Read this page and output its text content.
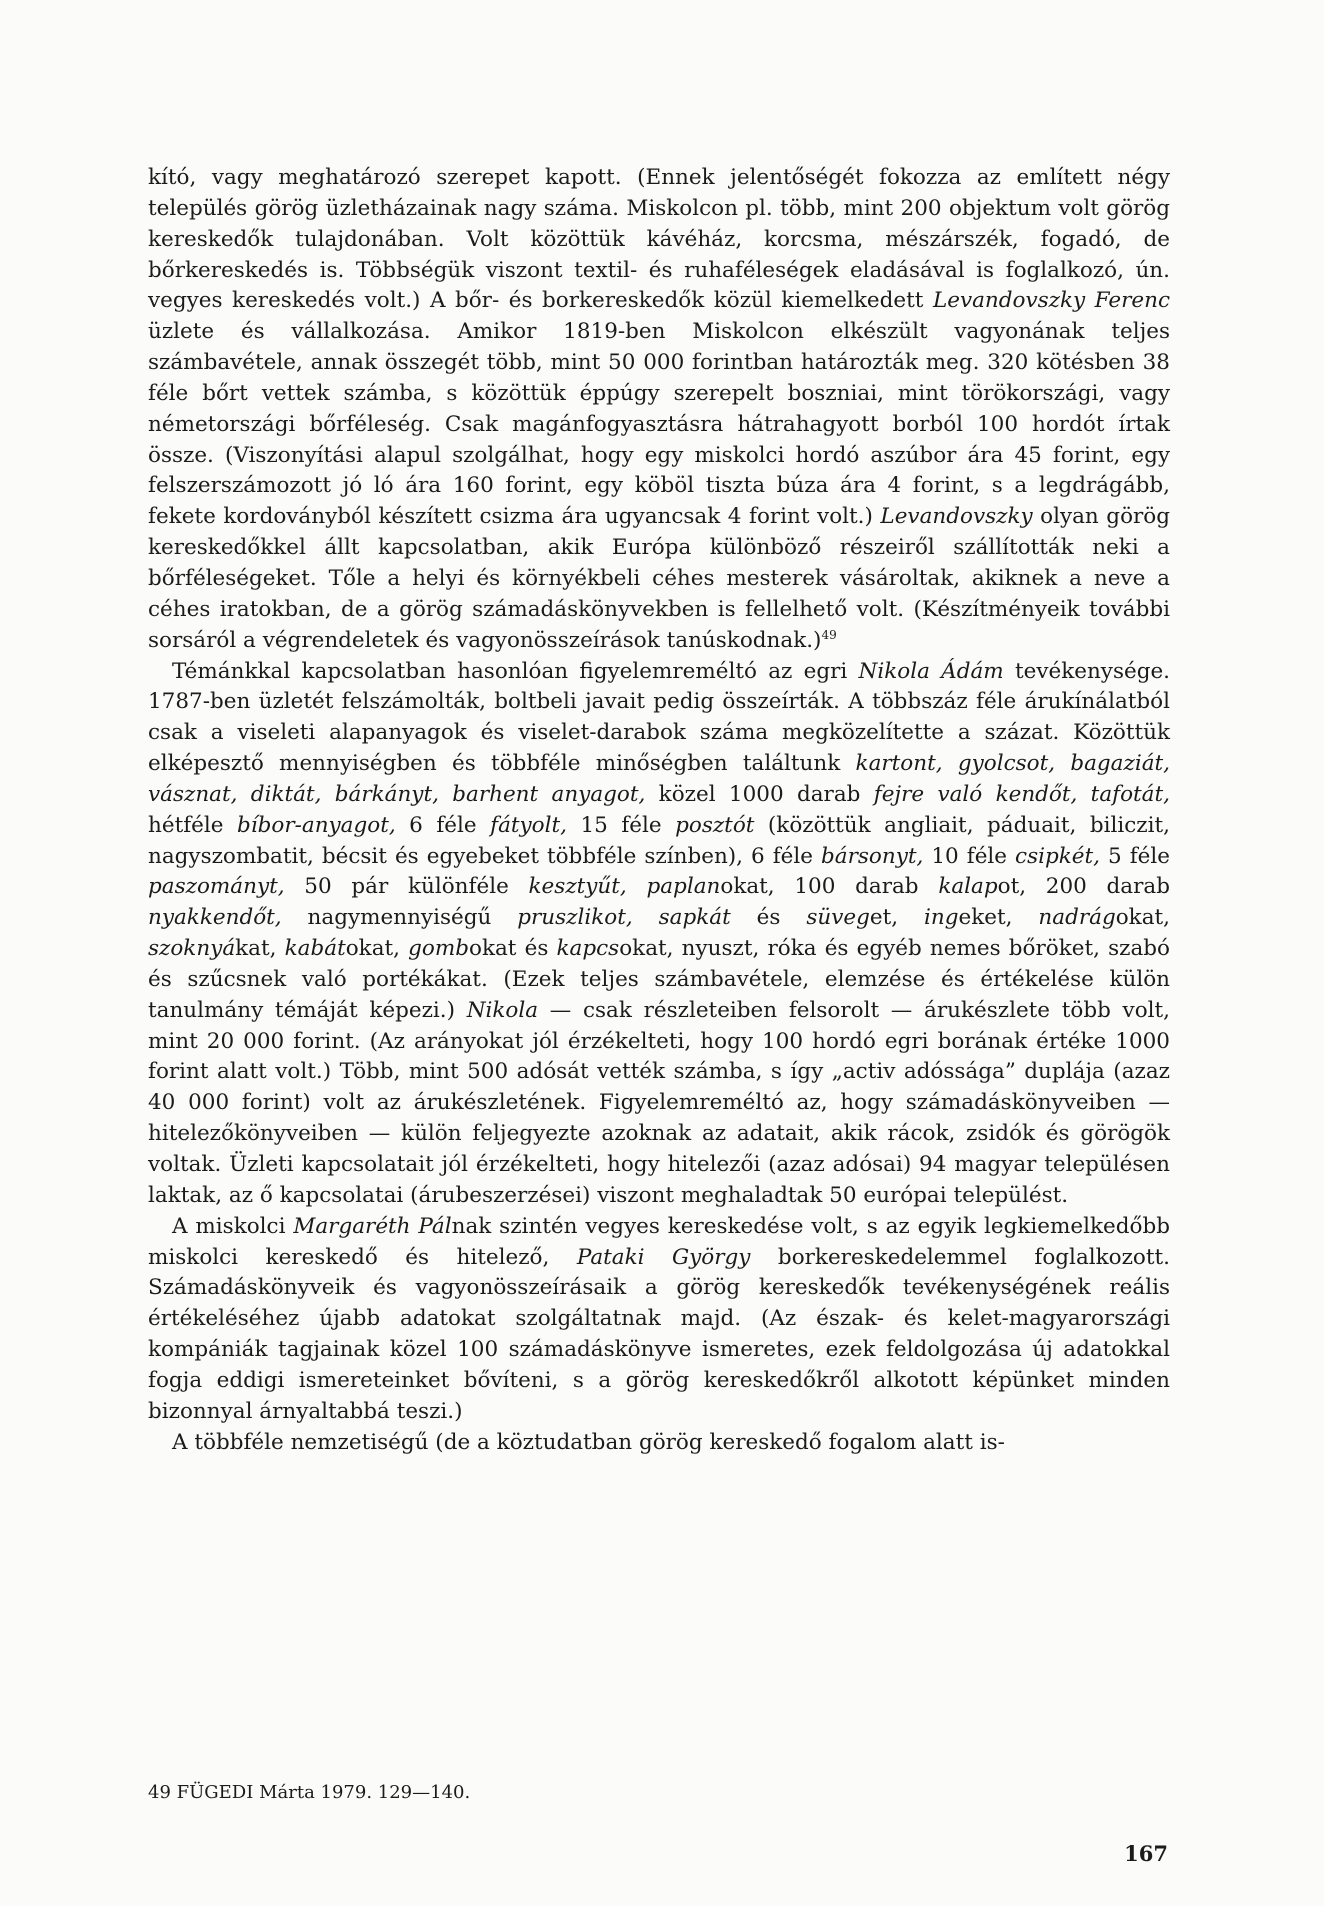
kító, vagy meghatározó szerepet kapott. (Ennek jelentőségét fokozza az említett négy település görög üzletházainak nagy száma. Miskolcon pl. több, mint 200 objektum volt görög kereskedők tulajdonában. Volt közöttük kávéház, korcsma, mészárszék, fogadó, de bőrkereskedés is. Többségük viszont textil- és ruhaféleségek eladásával is foglalkozó, ún. vegyes kereskedés volt.) A bőr- és borkereskedők közül kiemelkedett Levandovszky Ferenc üzlete és vállalkozása. Amikor 1819-ben Miskolcon elkészült vagyonának teljes számbavétele, annak összegét több, mint 50 000 forintban határozták meg. 320 kötésben 38 féle bőrt vettek számba, s közöttük éppúgy szerepelt boszniai, mint törökországi, vagy németországi bőrféleség. Csak magánfogyasztásra hátrahagyott borból 100 hordót írtak össze. (Viszonyítási alapul szolgálhat, hogy egy miskolci hordó aszúbor ára 45 forint, egy felszerszámozott jó ló ára 160 forint, egy köböl tiszta búza ára 4 forint, s a legdrágább, fekete kordoványból készített csizma ára ugyancsak 4 forint volt.) Levandovszky olyan görög kereskedőkkel állt kapcsolatban, akik Európa különböző részeiről szállították neki a bőrféleségeket. Tőle a helyi és környékbeli céhes mesterek vásároltak, akiknek a neve a céhes iratokban, de a görög számadáskönyvekben is fellelhető volt. (Készítményeik további sorsáról a végrendeletek és vagyonösszeírások tanúskodnak.)$^{49}$

Témánkkal kapcsolatban hasonlóan figyelemreméltó az egri Nikola Ádám tevékenysége. 1787-ben üzletét felszámolták, boltbeli javait pedig összeírták. A többszáz féle árukínálatból csak a viseleti alapanyagok és viselet-darabok száma megközelítette a százat. Közöttük elképesztő mennyiségben és többféle minőségben találtunk kartont, gyolcsot, bagaziát, vásznat, diktát, bárkányt, barhent anyagot, közel 1000 darab fejre való kendőt, tafotát, hétféle bíbor-anyagot, 6 féle fátyolt, 15 féle posztót (közöttük angliait, páduait, biliczit, nagyszombatit, bécsit és egyebeket többféle színben), 6 féle bársonyt, 10 féle csipkét, 5 féle paszományt, 50 pár különféle kesztyűt, paplanokat, 100 darab kalapot, 200 darab nyakkendőt, nagymennyiségű pruszlikot, sapkát és süveget, ingeket, nadrágokat, szoknyákat, kabátokat, gombokat és kapcsokat, nyuszt, róka és egyéb nemes bőröket, szabó és szűcsnek való portékákat. (Ezek teljes számbavétele, elemzése és értékelése külön tanulmány témáját képezi.) Nikola — csak részleteiben felsorolt — árukészlete több volt, mint 20 000 forint. (Az arányokat jól érzékelteti, hogy 100 hordó egri borának értéke 1000 forint alatt volt.) Több, mint 500 adósát vették számba, s így „activ adóssága” duplája (azaz 40 000 forint) volt az árukészletének. Figyelemreméltó az, hogy számadáskönyveiben — hitelezőkönyveiben — külön feljegyezte azoknak az adatait, akik rácok, zsidók és görögök voltak. Üzleti kapcsolatait jól érzékelteti, hogy hitelezői (azaz adósai) 94 magyar településen laktak, az ő kapcsolatai (árubeszerzései) viszont meghaladtak 50 európai települést.

A miskolci Margaréth Pálnak szintén vegyes kereskedése volt, s az egyik legkiemelkedőbb miskolci kereskedő és hitelező, Pataki György borkereskedelemmel foglalkozott. Számadáskönyveik és vagyonösszeírásaik a görög kereskedők tevékenységének reális értékeléséhez újabb adatokat szolgáltatnak majd. (Az észak- és kelet-magyarországi kompániák tagjainak közel 100 számadáskönyve ismeretes, ezek feldolgozása új adatokkal fogja eddigi ismereteinket bővíteni, s a görög kereskedőkről alkotott képünket minden bizonnyal árnyaltabbá teszi.)

A többféle nemzetiségű (de a köztudatban görög kereskedő fogalom alatt is-

49 FÜGEDI Márta 1979. 129—140.
167
